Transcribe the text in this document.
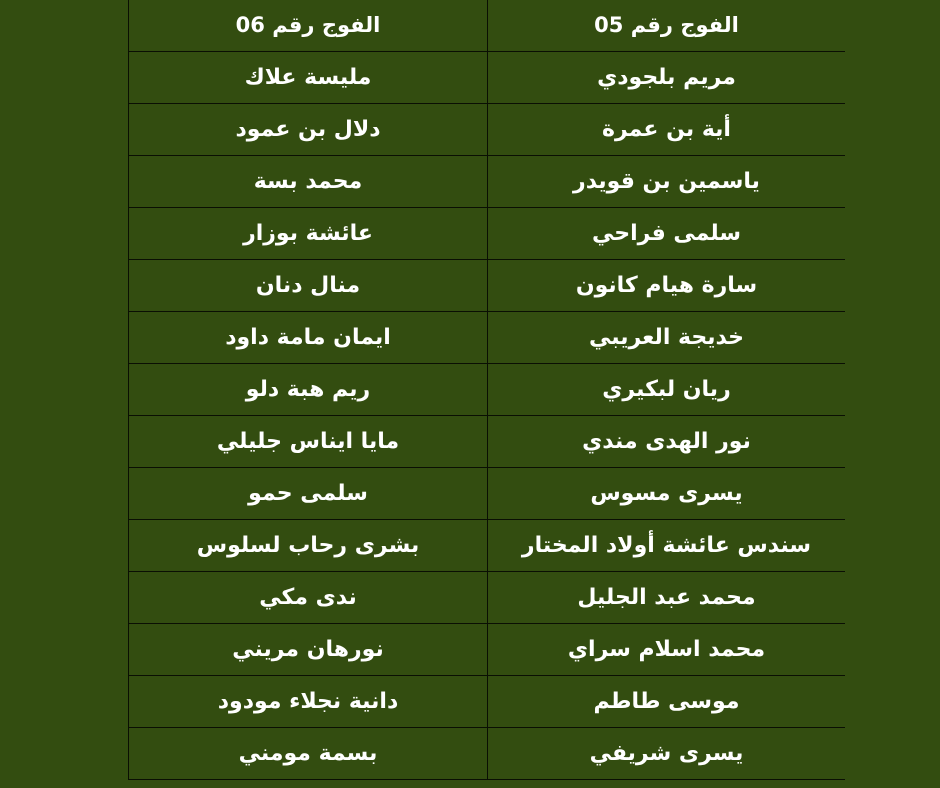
الفوج رقم 05	الفوج رقم 06
مريم بلجودي	مليسة علاك
أية بن عمرة	دلال بن عمود
ياسمين بن قويدر	محمد بسة
سلمى فراحي	عائشة بوزار
سارة هيام كانون	منال دنان
خديجة العريبي	ايمان مامة داود
ريان لبكيري	ريم هبة دلو
نور الهدى مندي	مايا ايناس جليلي
يسرى مسوس	سلمى حمو
سندس عائشة أولاد المختار	بشرى رحاب لسلوس
محمد عبد الجليل	ندى مكي
محمد اسلام سراي	نورهان مريني
موسى طاطم	دانية نجلاء مودود
يسرى شريفي	بسمة مومني
